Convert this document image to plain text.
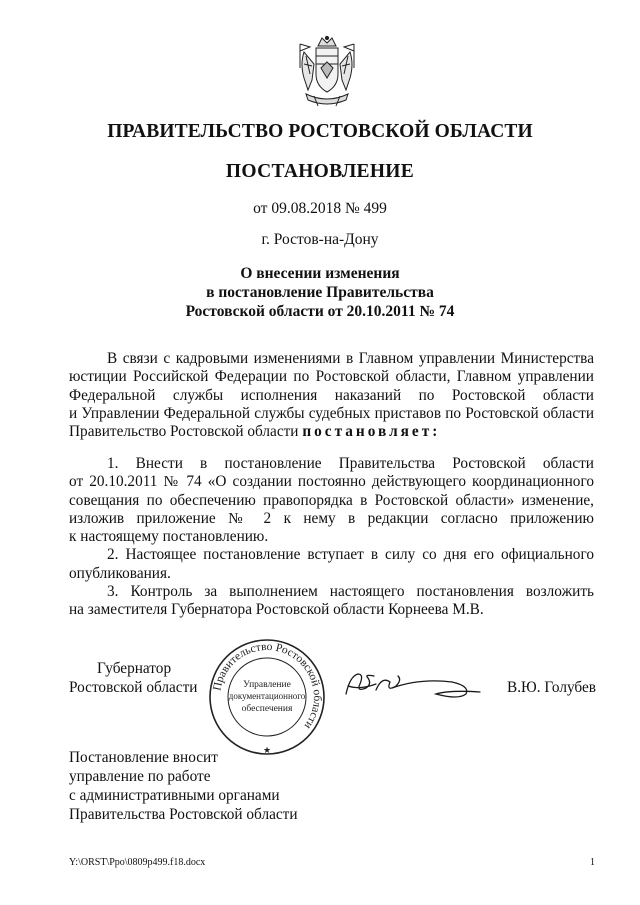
ПРАВИТЕЛЬСТВО РОСТОВСКОЙ ОБЛАСТИ
ПОСТАНОВЛЕНИЕ
от 09.08.2018 № 499
г. Ростов-на-Дону
О внесении изменения
в постановление Правительства
Ростовской области от 20.10.2011 № 74
В связи с кадровыми изменениями в Главном управлении Министерства
юстиции Российской Федерации по Ростовской области, Главном управлении
Федеральной службы исполнения наказаний по Ростовской области
и Управлении Федеральной службы судебных приставов по Ростовской области
Правительство Ростовской области постановляет:
1. Внести в постановление Правительства Ростовской области
от 20.10.2011 № 74 «О создании постоянно действующего координационного
совещания по обеспечению правопорядка в Ростовской области» изменение,
изложив приложение № 2 к нему в редакции согласно приложению
к настоящему постановлению.
2. Настоящее постановление вступает в силу со дня его официального
опубликования.
3. Контроль за выполнением настоящего постановления возложить
на заместителя Губернатора Ростовской области Корнеева М.В.
Губернатор
Ростовской области	Правительство Ростовской области
★
Управление
документационного
обеспечения
В.Ю. Голубев
Постановление вносит
управление по работе
с административными органами
Правительства Ростовской области
Y:\ORST\Ppo\0809p499.f18.docx	1
